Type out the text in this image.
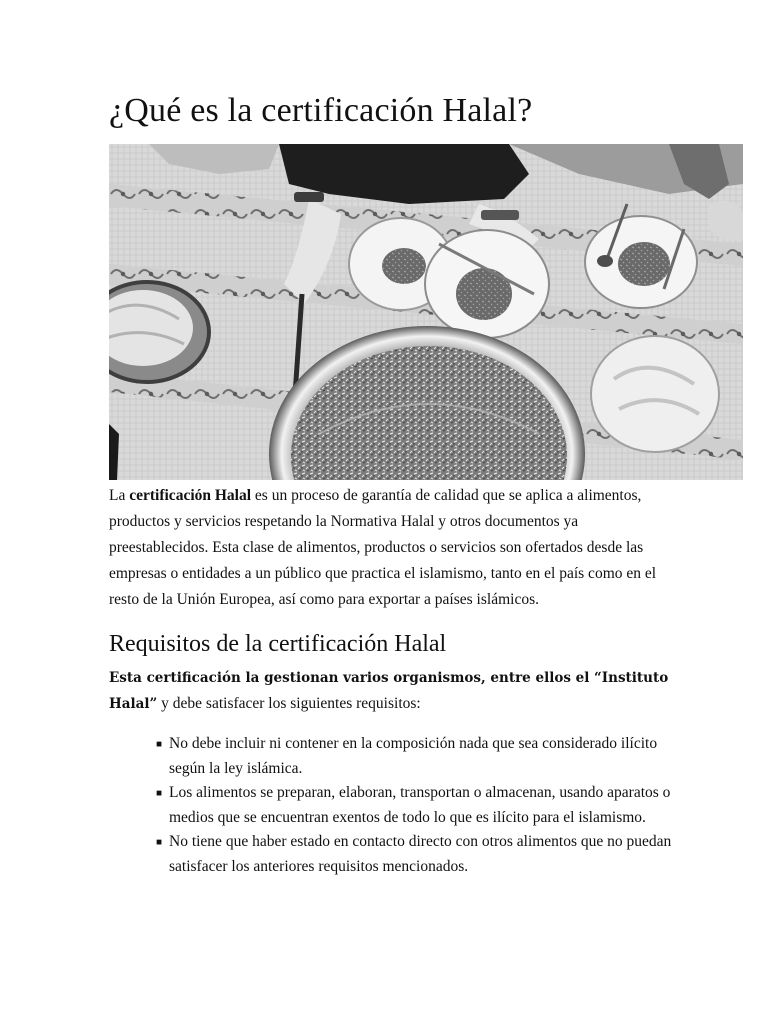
¿Qué es la certificación Halal?

La certificación Halal es un proceso de garantía de calidad que se aplica a alimentos, productos y servicios respetando la Normativa Halal y otros documentos ya preestablecidos. Esta clase de alimentos, productos o servicios son ofertados desde las empresas o entidades a un público que practica el islamismo, tanto en el país como en el resto de la Unión Europea, así como para exportar a países islámicos.

Requisitos de la certificación Halal

Esta certificación la gestionan varios organismos, entre ellos el “Instituto Halal” y debe satisfacer los siguientes requisitos:

■ No debe incluir ni contener en la composición nada que sea considerado ilícito según la ley islámica.
■ Los alimentos se preparan, elaboran, transportan o almacenan, usando aparatos o medios que se encuentran exentos de todo lo que es ilícito para el islamismo.
■ No tiene que haber estado en contacto directo con otros alimentos que no puedan satisfacer los anteriores requisitos mencionados.
